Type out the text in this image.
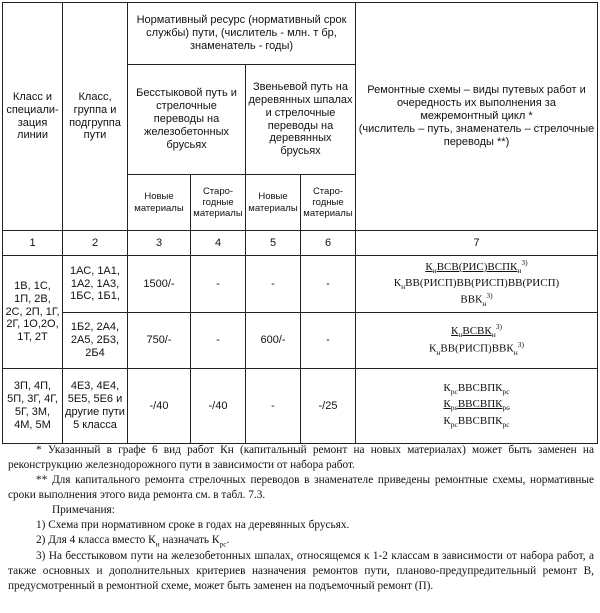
Класс и специали-зация линии	Класс, группа и подгруппа пути	Нормативный ресурс (нормативный срок службы) пути, (числитель - млн. т бр, знаменатель - годы)				Ремонтные схемы – виды путевых работ и очередность их выполнения за межремонтный цикл *
(числитель – путь, знаменатель – стрелочные переводы **)

		Бесстыковой путь и стрелочные переводы на железобетонных брусьях		Звеньевой путь на деревянных шпалах и стрелочные переводы на деревянных брусьях		
		Новые материалы	Старо-годные материалы	Новые материалы	Старо-годные материалы	
1	2	3	4	5	6	7
1В, 1С, 1П, 2В, 2С, 2П, 1Г, 2Г, 1О,2О, 1Т, 2Т	1АС, 1А1, 1А2, 1А3, 1БС, 1Б1,	1500/-	-	-	-	$К_нВСВ(РИС)ВСПК_н^{3)}$
$К_нВВ(РИСП)ВВ(РИСП)ВВ(РИСП)$
$ВВК_н^{3)}$

	1Б2, 2А4, 2А5, 2Б3, 2Б4	750/-	-	600/-	-	$К_нВСВК_н^{3)}$
$К_нВВ(РИСП)ВВК_н^{3)}$

3П, 4П, 5П, 3Г, 4Г, 5Г, 3М, 4М, 5М	4Е3, 4Е4, 5Е5, 5Е6 и другие пути 5 класса	-/40	-/40	-	-/25	$К_{рс}ВВСВПК_{рс}$
$К_{рс}ВВСВПК_{рс}$
$К_{рс}ВВСВПК_{рс}$

* Указанный в графе 6 вид работ Кн (капитальный ремонт на новых материалах) может быть заменен на реконструкцию железнодорожного пути в зависимости от набора работ.

** Для капитального ремонта стрелочных переводов в знаменателе приведены ремонтные схемы, нормативные сроки выполнения этого вида ремонта см. в табл. 7.3.

Примечания:

1) Схема при нормативном сроке в годах на деревянных брусьях.

2) Для 4 класса вместо $К_н$ назначать $К_{рс}$.

3) На бесстыковом пути на железобетонных шпалах, относящемся к 1-2 классам в зависимости от набора работ, а также основных и дополнительных критериев назначения ремонтов пути, планово-предупредительный ремонт В, предусмотренный в ремонтной схеме, может быть заменен на подъемочный ремонт (П).
